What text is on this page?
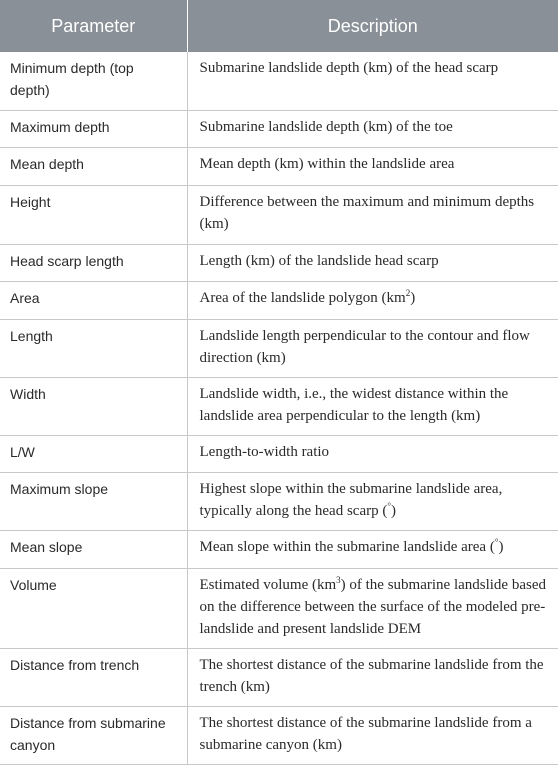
Parameter	Description
Minimum depth (top depth)	Submarine landslide depth (km) of the head scarp
Maximum depth	Submarine landslide depth (km) of the toe
Mean depth	Mean depth (km) within the landslide area
Height	Difference between the maximum and minimum depths (km)
Head scarp length	Length (km) of the landslide head scarp
Area	Area of the landslide polygon $(km^2)$
Length	Landslide length perpendicular to the contour and flow direction (km)
Width	Landslide width, i.e., the widest distance within the landslide area perpendicular to the length (km)
L/W	Length-to-width ratio
Maximum slope	Highest slope within the submarine landslide area, typically along the head scarp (°)
Mean slope	Mean slope within the submarine landslide area (°)
Volume	Estimated volume $(km^3)$ of the submarine landslide based on the difference between the surface of the modeled pre-landslide and present landslide DEM
Distance from trench	The shortest distance of the submarine landslide from the trench (km)
Distance from submarine canyon	The shortest distance of the submarine landslide from a submarine canyon (km)
